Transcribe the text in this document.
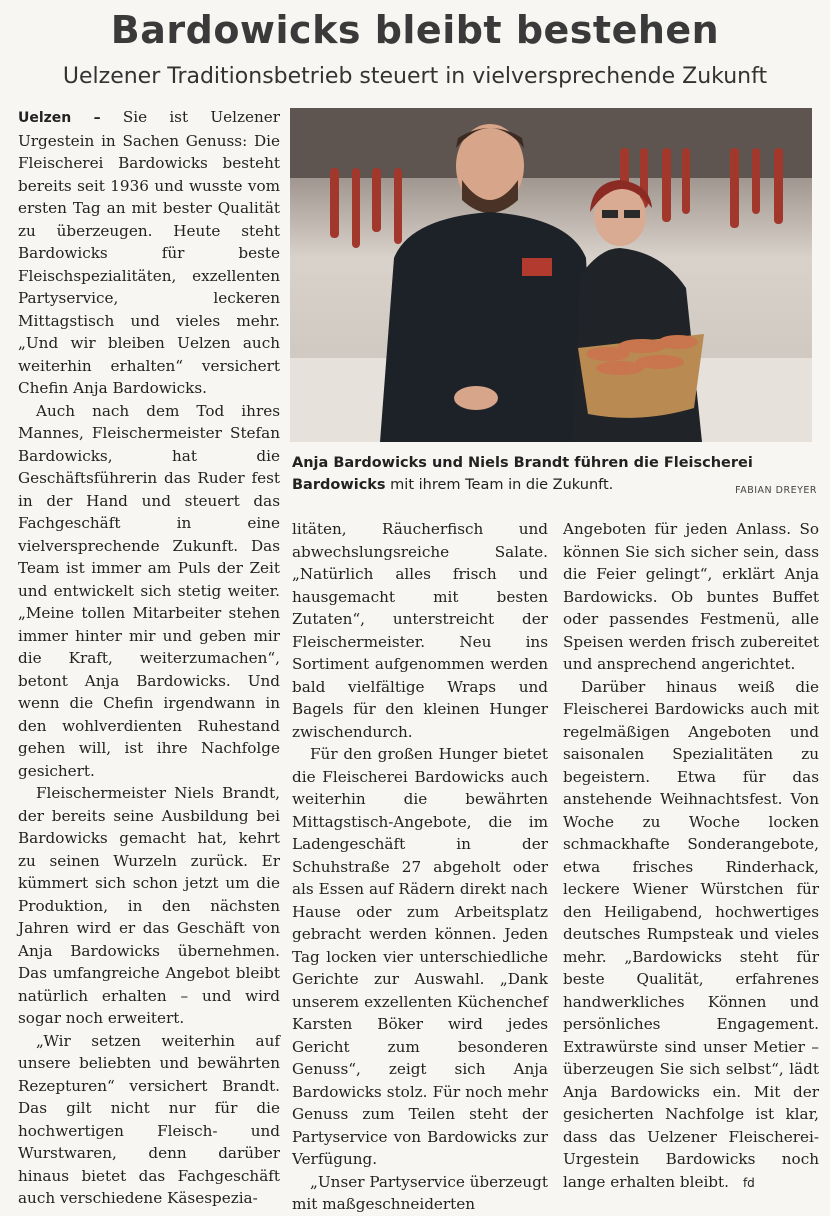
Bardowicks bleibt bestehen
Uelzener Traditionsbetrieb steuert in vielversprechende Zukunft

Uelzen – Sie ist Uelzener Urgestein in Sachen Genuss: Die Fleischerei Bardowicks besteht bereits seit 1936 und wusste vom ersten Tag an mit bester Qualität zu überzeugen. Heute steht Bardowicks für beste Fleischspezialitäten, exzellenten Partyservice, leckeren Mittagstisch und vieles mehr. „Und wir bleiben Uelzen auch weiterhin erhalten“ versichert Chefin Anja Bardowicks.

Auch nach dem Tod ihres Mannes, Fleischermeister Stefan Bardowicks, hat die Geschäftsführerin das Ruder fest in der Hand und steuert das Fachgeschäft in eine vielversprechende Zukunft. Das Team ist immer am Puls der Zeit und entwickelt sich stetig weiter. „Meine tollen Mitarbeiter stehen immer hinter mir und geben mir die Kraft, weiterzumachen“, betont Anja Bardowicks. Und wenn die Chefin irgendwann in den wohlverdienten Ruhestand gehen will, ist ihre Nachfolge gesichert.

Fleischermeister Niels Brandt, der bereits seine Ausbildung bei Bardowicks gemacht hat, kehrt zu seinen Wurzeln zurück. Er kümmert sich schon jetzt um die Produktion, in den nächsten Jahren wird er das Geschäft von Anja Bardowicks übernehmen. Das umfangreiche Angebot bleibt natürlich erhalten – und wird sogar noch erweitert.

„Wir setzen weiterhin auf unsere beliebten und bewährten Rezepturen“ versichert Brandt. Das gilt nicht nur für die hochwertigen Fleisch- und Wurstwaren, denn darüber hinaus bietet das Fachgeschäft auch verschiedene Käsespezia-

Anja Bardowicks und Niels Brandt führen die Fleischerei Bardowicks mit ihrem Team in die Zukunft.	FABIAN DREYER

litäten, Räucherfisch und abwechslungsreiche Salate. „Natürlich alles frisch und hausgemacht mit besten Zutaten“, unterstreicht der Fleischermeister. Neu ins Sortiment aufgenommen werden bald vielfältige Wraps und Bagels für den kleinen Hunger zwischendurch.

Für den großen Hunger bietet die Fleischerei Bardowicks auch weiterhin die bewährten Mittagstisch-Angebote, die im Ladengeschäft in der Schuhstraße 27 abgeholt oder als Essen auf Rädern direkt nach Hause oder zum Arbeitsplatz gebracht werden können. Jeden Tag locken vier unterschiedliche Gerichte zur Auswahl. „Dank unserem exzellenten Küchenchef Karsten Böker wird jedes Gericht zum besonderen Genuss“, zeigt sich Anja Bardowicks stolz. Für noch mehr Genuss zum Teilen steht der Partyservice von Bardowicks zur Verfügung.

„Unser Partyservice überzeugt mit maßgeschneiderten

Angeboten für jeden Anlass. So können Sie sich sicher sein, dass die Feier gelingt“, erklärt Anja Bardowicks. Ob buntes Buffet oder passendes Festmenü, alle Speisen werden frisch zubereitet und ansprechend angerichtet.

Darüber hinaus weiß die Fleischerei Bardowicks auch mit regelmäßigen Angeboten und saisonalen Spezialitäten zu begeistern. Etwa für das anstehende Weihnachtsfest. Von Woche zu Woche locken schmackhafte Sonderangebote, etwa frisches Rinderhack, leckere Wiener Würstchen für den Heiligabend, hochwertiges deutsches Rumpsteak und vieles mehr. „Bardowicks steht für beste Qualität, erfahrenes handwerkliches Können und persönliches Engagement. Extrawürste sind unser Metier – überzeugen Sie sich selbst“, lädt Anja Bardowicks ein. Mit der gesicherten Nachfolge ist klar, dass das Uelzener Fleischerei-Urgestein Bardowicks noch lange erhalten bleibt. fd
